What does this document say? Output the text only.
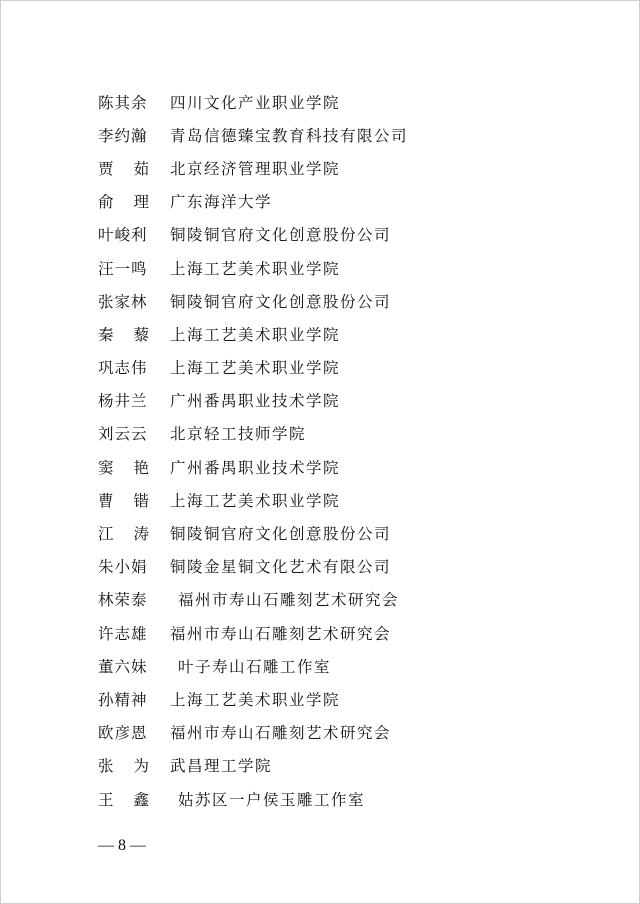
陈其余	四川文化产业职业学院
李约瀚	青岛信德臻宝教育科技有限公司
贾 茹 北京经济管理职业学院
俞 理 广东海洋大学
叶峻利	铜陵铜官府文化创意股份公司
汪一鸣	上海工艺美术职业学院
张家林	铜陵铜官府文化创意股份公司
秦 藜 上海工艺美术职业学院
巩志伟	上海工艺美术职业学院
杨井兰	广州番禺职业技术学院
刘云云	北京轻工技师学院
窦 艳 广州番禺职业技术学院
曹 锴 上海工艺美术职业学院
江 涛 铜陵铜官府文化创意股份公司
朱小娟	铜陵金星铜文化艺术有限公司
林荣泰	福州市寿山石雕刻艺术研究会
许志雄	福州市寿山石雕刻艺术研究会
董六妹	叶子寿山石雕工作室
孙精神	上海工艺美术职业学院
欧彦恩	福州市寿山石雕刻艺术研究会
张 为 武昌理工学院
王 鑫 姑苏区一户侯玉雕工作室
— 8 —
